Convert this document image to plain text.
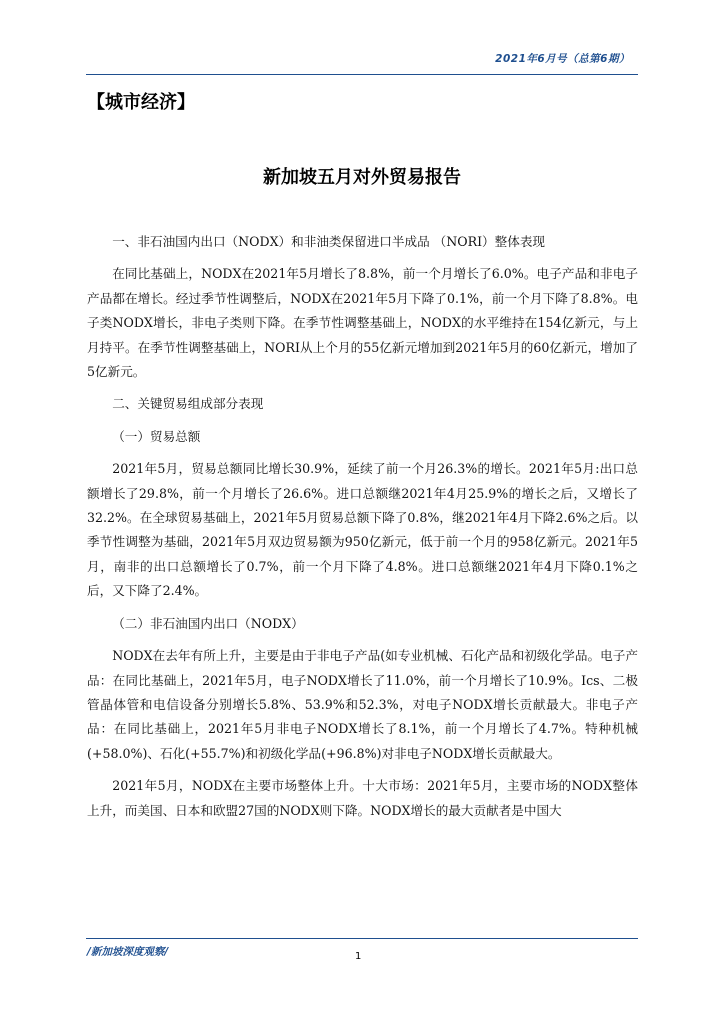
2021年6月号（总第6期）
【城市经济】
新加坡五月对外贸易报告

一、非石油国内出口（NODX）和非油类保留进口半成品 （NORI）整体表现

在同比基础上，NODX在2021年5月增长了8.8%，前一个月增长了6.0%。电子产品和非电子产品都在增长。经过季节性调整后，NODX在2021年5月下降了0.1%，前一个月下降了8.8%。电子类NODX增长，非电子类则下降。在季节性调整基础上，NODX的水平维持在154亿新元，与上月持平。在季节性调整基础上，NORI从上个月的55亿新元增加到2021年5月的60亿新元，增加了5亿新元。

二、关键贸易组成部分表现

（一）贸易总额

2021年5月，贸易总额同比增长30.9%，延续了前一个月26.3%的增长。2021年5月:出口总额增长了29.8%，前一个月增长了26.6%。进口总额继2021年4月25.9%的增长之后，又增长了32.2%。在全球贸易基础上，2021年5月贸易总额下降了0.8%，继2021年4月下降2.6%之后。以季节性调整为基础，2021年5月双边贸易额为950亿新元，低于前一个月的958亿新元。2021年5月，南非的出口总额增长了0.7%，前一个月下降了4.8%。进口总额继2021年4月下降0.1%之后，又下降了2.4%。

（二）非石油国内出口（NODX）

NODX在去年有所上升，主要是由于非电子产品(如专业机械、石化产品和初级化学品。电子产品：在同比基础上，2021年5月，电子NODX增长了11.0%，前一个月增长了10.9%。Ics、二极管晶体管和电信设备分别增长5.8%、53.9%和52.3%，对电子NODX增长贡献最大。非电子产品：在同比基础上，2021年5月非电子NODX增长了8.1%，前一个月增长了4.7%。特种机械(+58.0%)、石化(+55.7%)和初级化学品(+96.8%)对非电子NODX增长贡献最大。

2021年5月，NODX在主要市场整体上升。十大市场：2021年5月，主要市场的NODX整体上升，而美国、日本和欧盟27国的NODX则下降。NODX增长的最大贡献者是中国大

/新加坡深度观察/	1
